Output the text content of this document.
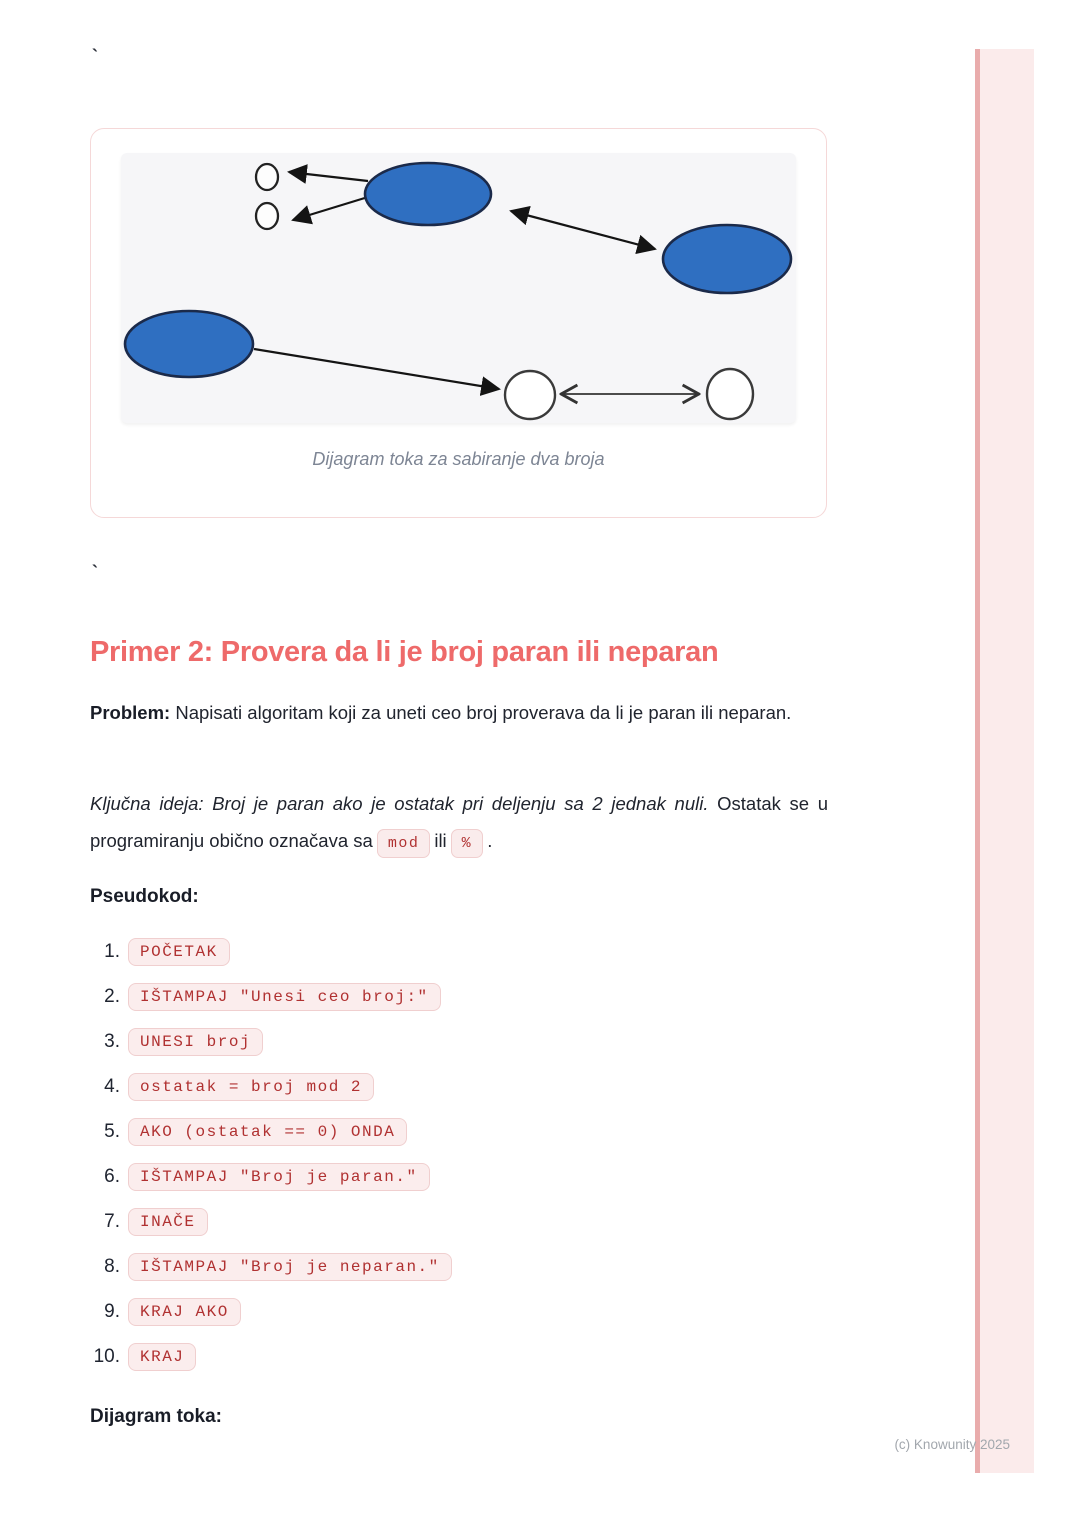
`
Dijagram toka za sabiranje dva broja
`
Primer 2: Provera da li je broj paran ili neparan

Problem: Napisati algoritam koji za uneti ceo broj proverava da li je paran ili neparan.

Ključna ideja: Broj je paran ako je ostatak pri deljenju sa 2 jednak nuli. Ostatak se u programiranju obično označava sa mod ili % .

Pseudokod:
1.	POČETAK
2.	IŠTAMPAJ "Unesi ceo broj:"
3.	UNESI broj
4.	ostatak = broj mod 2
5.	AKO (ostatak == 0) ONDA
6.	IŠTAMPAJ "Broj je paran."
7.	INAČE
8.	IŠTAMPAJ "Broj je neparan."
9.	KRAJ AKO
10.	KRAJ
Dijagram toka:
(c) Knowunity 2025
